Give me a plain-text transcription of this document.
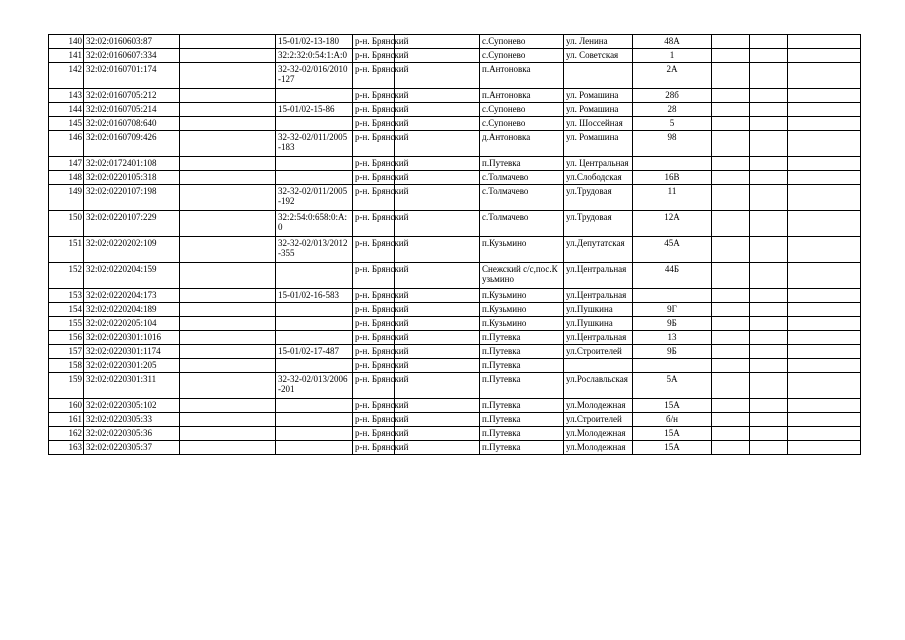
140	32:02:0160603:87		15-01/02-13-180	р-н. Брянский		с.Супонево	ул. Ленина	48А			
141	32:02:0160607:334		32:2:32:0:54:1:А:0	р-н. Брянский		с.Супонево	ул. Советская	1			
142	32:02:0160701:174		32-32-02/016/2010-127	р-н. Брянский		п.Антоновка		2А			
143	32:02:0160705:212			р-н. Брянский		п.Антоновка	ул. Ромашина	28б			
144	32:02:0160705:214		15-01/02-15-86	р-н. Брянский		с.Супонево	ул. Ромашина	28			
145	32:02:0160708:640			р-н. Брянский		с.Супонево	ул. Шоссейная	5			
146	32:02:0160709:426		32-32-02/011/2005-183	р-н. Брянский		д.Антоновка	ул. Ромашина	98			
147	32:02:0172401:108			р-н. Брянский		п.Путевка	ул. Центральная				
148	32:02:0220105:318			р-н. Брянский		с.Толмачево	ул.Слободская	16В			
149	32:02:0220107:198		32-32-02/011/2005-192	р-н. Брянский		с.Толмачево	ул.Трудовая	11			
150	32:02:0220107:229		32:2:54:0:658:0:А:0	р-н. Брянский		с.Толмачево	ул.Трудовая	12А			
151	32:02:0220202:109		32-32-02/013/2012-355	р-н. Брянский		п.Кузьмино	ул.Депутатская	45А			
152	32:02:0220204:159			р-н. Брянский		Снежский с/с,пос.Кузьмино	ул.Центральная	44Б			
153	32:02:0220204:173		15-01/02-16-583	р-н. Брянский		п.Кузьмино	ул.Центральная				
154	32:02:0220204:189			р-н. Брянский		п.Кузьмино	ул.Пушкина	9Г			
155	32:02:0220205:104			р-н. Брянский		п.Кузьмино	ул.Пушкина	9Б			
156	32:02:0220301:1016			р-н. Брянский		п.Путевка	ул.Центральная	13			
157	32:02:0220301:1174		15-01/02-17-487	р-н. Брянский		п.Путевка	ул.Строителей	9Б			
158	32:02:0220301:205			р-н. Брянский		п.Путевка					
159	32:02:0220301:311		32-32-02/013/2006-201	р-н. Брянский		п.Путевка	ул.Рославльская	5А			
160	32:02:0220305:102			р-н. Брянский		п.Путевка	ул.Молодежная	15А			
161	32:02:0220305:33			р-н. Брянский		п.Путевка	ул.Строителей	б/н			
162	32:02:0220305:36			р-н. Брянский		п.Путевка	ул.Молодежная	15А			
163	32:02:0220305:37			р-н. Брянский		п.Путевка	ул.Молодежная	15А			
